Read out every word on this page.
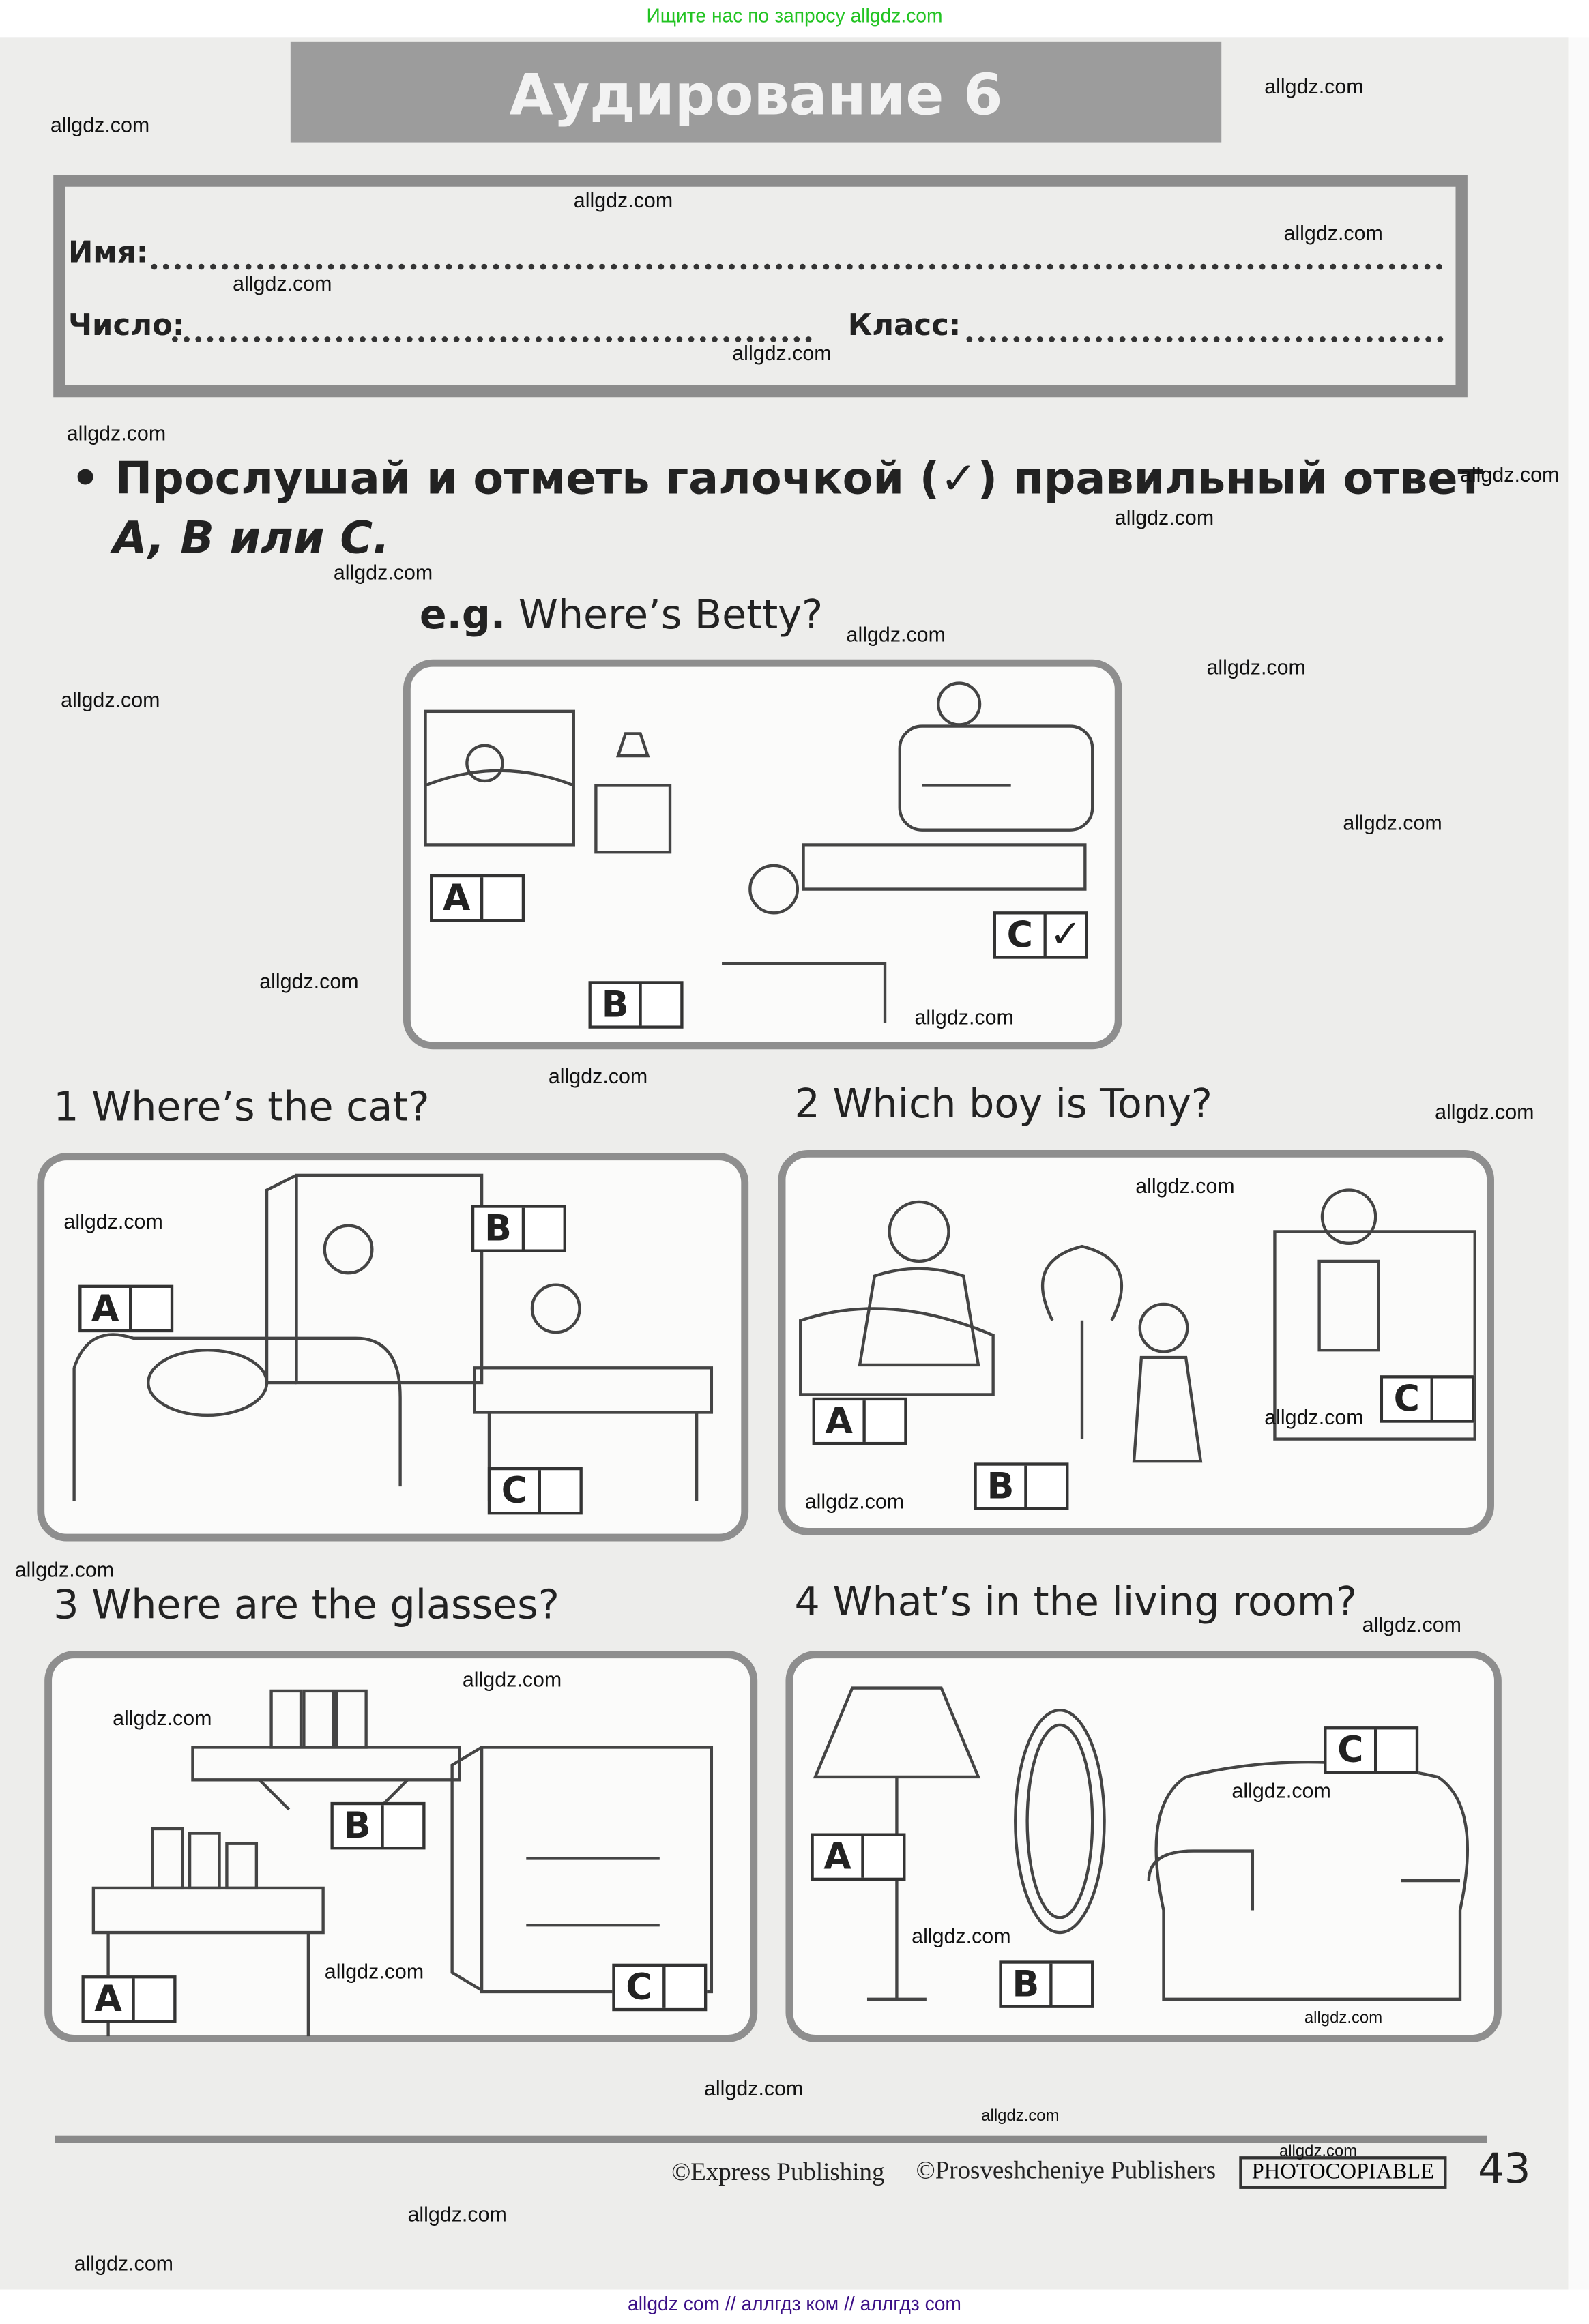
Ищите нас по запросу allgdz.com
Аудирование 6
Имя:
Число:	Класс:
• Прослушай и отметь галочкой (✓) правильный ответ
A, B или C.
e.g. Where’s Betty?
A
B
C ✓
1 Where’s the cat?
A
B
C
2 Which boy is Tony?
A
B
C
3 Where are the glasses?
A
B
C
4 What’s in the living room?
A
B
C
©Express Publishing	©Prosveshcheniye Publishers	PHOTOCOPIABLE	43
allgdz com // аллгдз ком // аллгдз com
allgdz.com
allgdz.com
allgdz.com
allgdz.com
allgdz.com
allgdz.com
allgdz.com
allgdz.com
allgdz.com
allgdz.com
allgdz.com
allgdz.com
allgdz.com
allgdz.com
allgdz.com
allgdz.com
allgdz.com
allgdz.com
allgdz.com
allgdz.com
allgdz.com
allgdz.com
allgdz.com
allgdz.com
allgdz.com
allgdz.com
allgdz.com
allgdz.com
allgdz.com
allgdz.com
allgdz.com
allgdz.com
allgdz.com
allgdz.com
allgdz.com
